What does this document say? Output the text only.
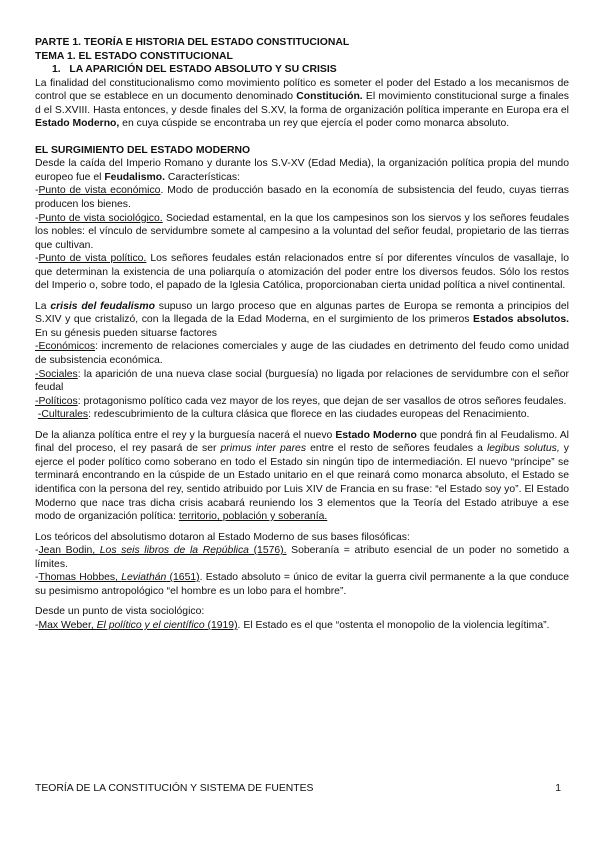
PARTE 1. TEORÍA E HISTORIA DEL ESTADO CONSTITUCIONAL

TEMA 1. EL ESTADO CONSTITUCIONAL

1. LA APARICIÓN DEL ESTADO ABSOLUTO Y SU CRISIS

La finalidad del constitucionalismo como movimiento político es someter el poder del Estado a los mecanismos de control que se establece en un documento denominado Constitución. El movimiento constitucional surge a finales d el S.XVIII. Hasta entonces, y desde finales del S.XV, la forma de organización política imperante en Europa era el Estado Moderno, en cuya cúspide se encontraba un rey que ejercía el poder como monarca absoluto.

EL SURGIMIENTO DEL ESTADO MODERNO

Desde la caída del Imperio Romano y durante los S.V-XV (Edad Media), la organización política propia del mundo europeo fue el Feudalismo. Características:

-Punto de vista económico. Modo de producción basado en la economía de subsistencia del feudo, cuyas tierras producen los bienes.

-Punto de vista sociológico. Sociedad estamental, en la que los campesinos son los siervos y los señores feudales los nobles: el vínculo de servidumbre somete al campesino a la voluntad del señor feudal, propietario de las tierras que cultivan.

-Punto de vista político. Los señores feudales están relacionados entre sí por diferentes vínculos de vasallaje, lo que determinan la existencia de una poliarquía o atomización del poder entre los diversos feudos. Sólo los restos del Imperio o, sobre todo, el papado de la Iglesia Católica, proporcionaban cierta unidad política a nivel continental.

La crisis del feudalismo supuso un largo proceso que en algunas partes de Europa se remonta a principios del S.XIV y que cristalizó, con la llegada de la Edad Moderna, en el surgimiento de los primeros Estados absolutos. En su génesis pueden situarse factores

-Económicos: incremento de relaciones comerciales y auge de las ciudades en detrimento del feudo como unidad de subsistencia económica.

-Sociales: la aparición de una nueva clase social (burguesía) no ligada por relaciones de servidumbre con el señor feudal

-Políticos: protagonismo político cada vez mayor de los reyes, que dejan de ser vasallos de otros señores feudales.

-Culturales: redescubrimiento de la cultura clásica que florece en las ciudades europeas del Renacimiento.

De la alianza política entre el rey y la burguesía nacerá el nuevo Estado Moderno que pondrá fin al Feudalismo. Al final del proceso, el rey pasará de ser primus inter pares entre el resto de señores feudales a legibus solutus, y ejerce el poder político como soberano en todo el Estado sin ningún tipo de intermediación. El nuevo “príncipe” se terminará encontrando en la cúspide de un Estado unitario en el que reinará como monarca absoluto, el Estado se identifica con la persona del rey, sentido atribuido por Luis XIV de Francia en su frase: “el Estado soy yo”. El Estado Moderno que nace tras dicha crisis acabará reuniendo los 3 elementos que la Teoría del Estado atribuye a ese modo de organización política: territorio, población y soberanía.

Los teóricos del absolutismo dotaron al Estado Moderno de sus bases filosóficas:

-Jean Bodin, Los seis libros de la República (1576). Soberanía = atributo esencial de un poder no sometido a límites.

-Thomas Hobbes, Leviathán (1651). Estado absoluto = único de evitar la guerra civil permanente a la que conduce su pesimismo antropológico “el hombre es un lobo para el hombre”.

Desde un punto de vista sociológico:

-Max Weber, El político y el científico (1919). El Estado es el que “ostenta el monopolio de la violencia legítima”.

TEORÍA DE LA CONSTITUCIÓN Y SISTEMA DE FUENTES	1
